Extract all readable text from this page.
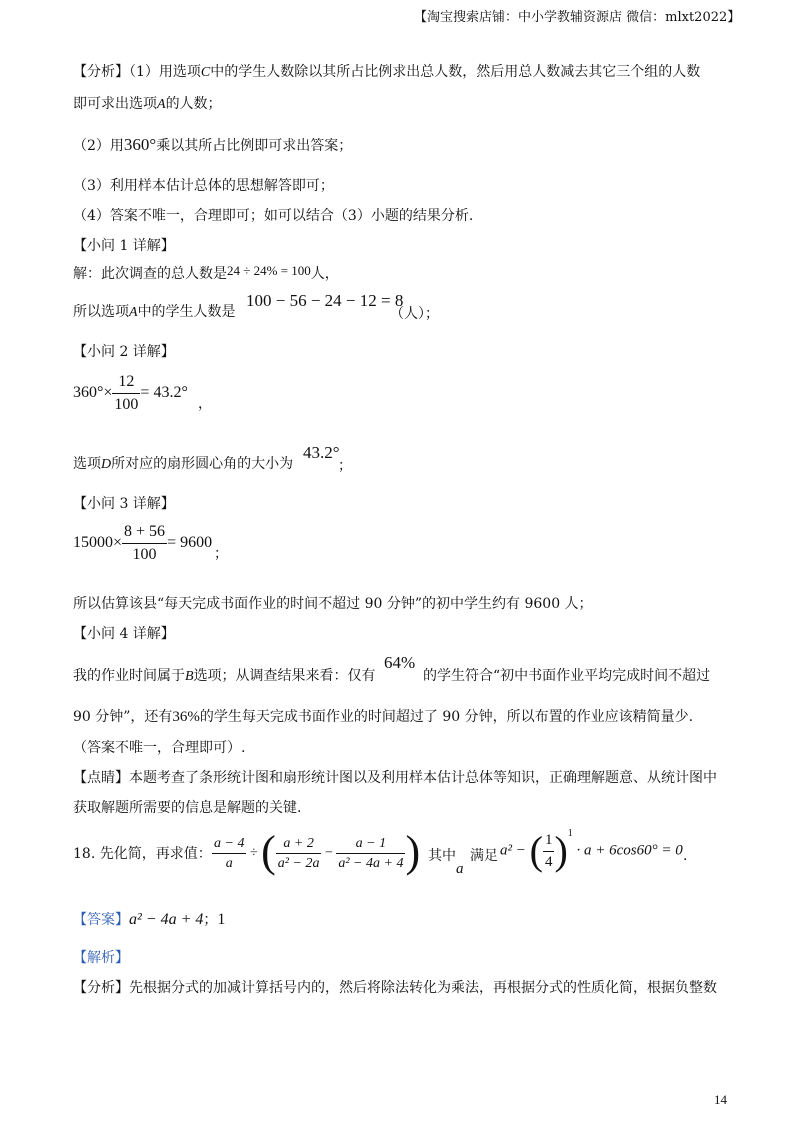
【淘宝搜索店铺：中小学教辅资源店 微信：mlxt2022】
【分析】（1）用选项C中的学生人数除以其所占比例求出总人数，然后用总人数减去其它三个组的人数
即可求出选项A的人数；
（2）用360°乘以其所占比例即可求出答案；
（3）利用样本估计总体的思想解答即可；
（4）答案不唯一，合理即可；如可以结合（3）小题的结果分析.
【小问 1 详解】
解：此次调查的总人数是24 ÷ 24% = 100人，
所以选项A中的学生人数是
100 − 56 − 24 − 12 = 8
（人）；
【小问 2 详解】
$360^\circ\times \frac{12}{100} = 43.2^\circ$
，
选项D所对应的扇形圆心角的大小为
43.2°
；
【小问 3 详解】
$15000\times \frac{8 + 56}{100} = 9600$
；
所以估算该县“每天完成书面作业的时间不超过 90 分钟”的初中学生约有 9600 人；
【小问 4 详解】
我的作业时间属于B选项；从调查结果来看：仅有
64%
的学生符合“初中书面作业平均完成时间不超过
90 分钟”，还有36%的学生每天完成书面作业的时间超过了 90 分钟，所以布置的作业应该精简量少.
（答案不唯一，合理即可）.
【点睛】本题考查了条形统计图和扇形统计图以及利用样本估计总体等知识，正确理解题意、从统计图中
获取解题所需要的信息是解题的关键.
18. 先化简，再求值： $\frac{a - 4}{a}$ ÷ ( $\frac{a + 2}{\text{a² − 2a}} - \frac{a - 1}{\text{a² − 4a + 4}}$ )
，其中
a
满足 a² − ( $\frac{1}{4} )^1 \cdot a + 6\cos 60^\circ = 0$ .
【答案】a² − 4a + 4；1
【解析】
【分析】先根据分式的加减计算括号内的，然后将除法转化为乘法，再根据分式的性质化简，根据负整数
14
